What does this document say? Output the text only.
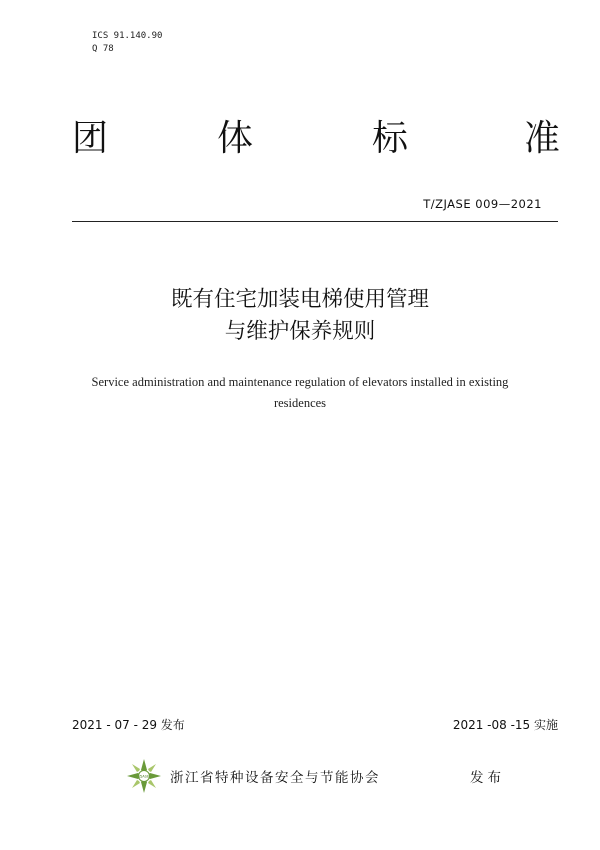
ICS 91.140.90
Q 78
团	体	标	准
T/ZJASE 009—2021
既有住宅加装电梯使用管理
与维护保养规则
Service administration and maintenance regulation of elevators installed in existing residences
2021 - 07 - 29 发布	2021 -08 -15 实施
ZJASE 浙江省特种设备安全与节能协会	发布
